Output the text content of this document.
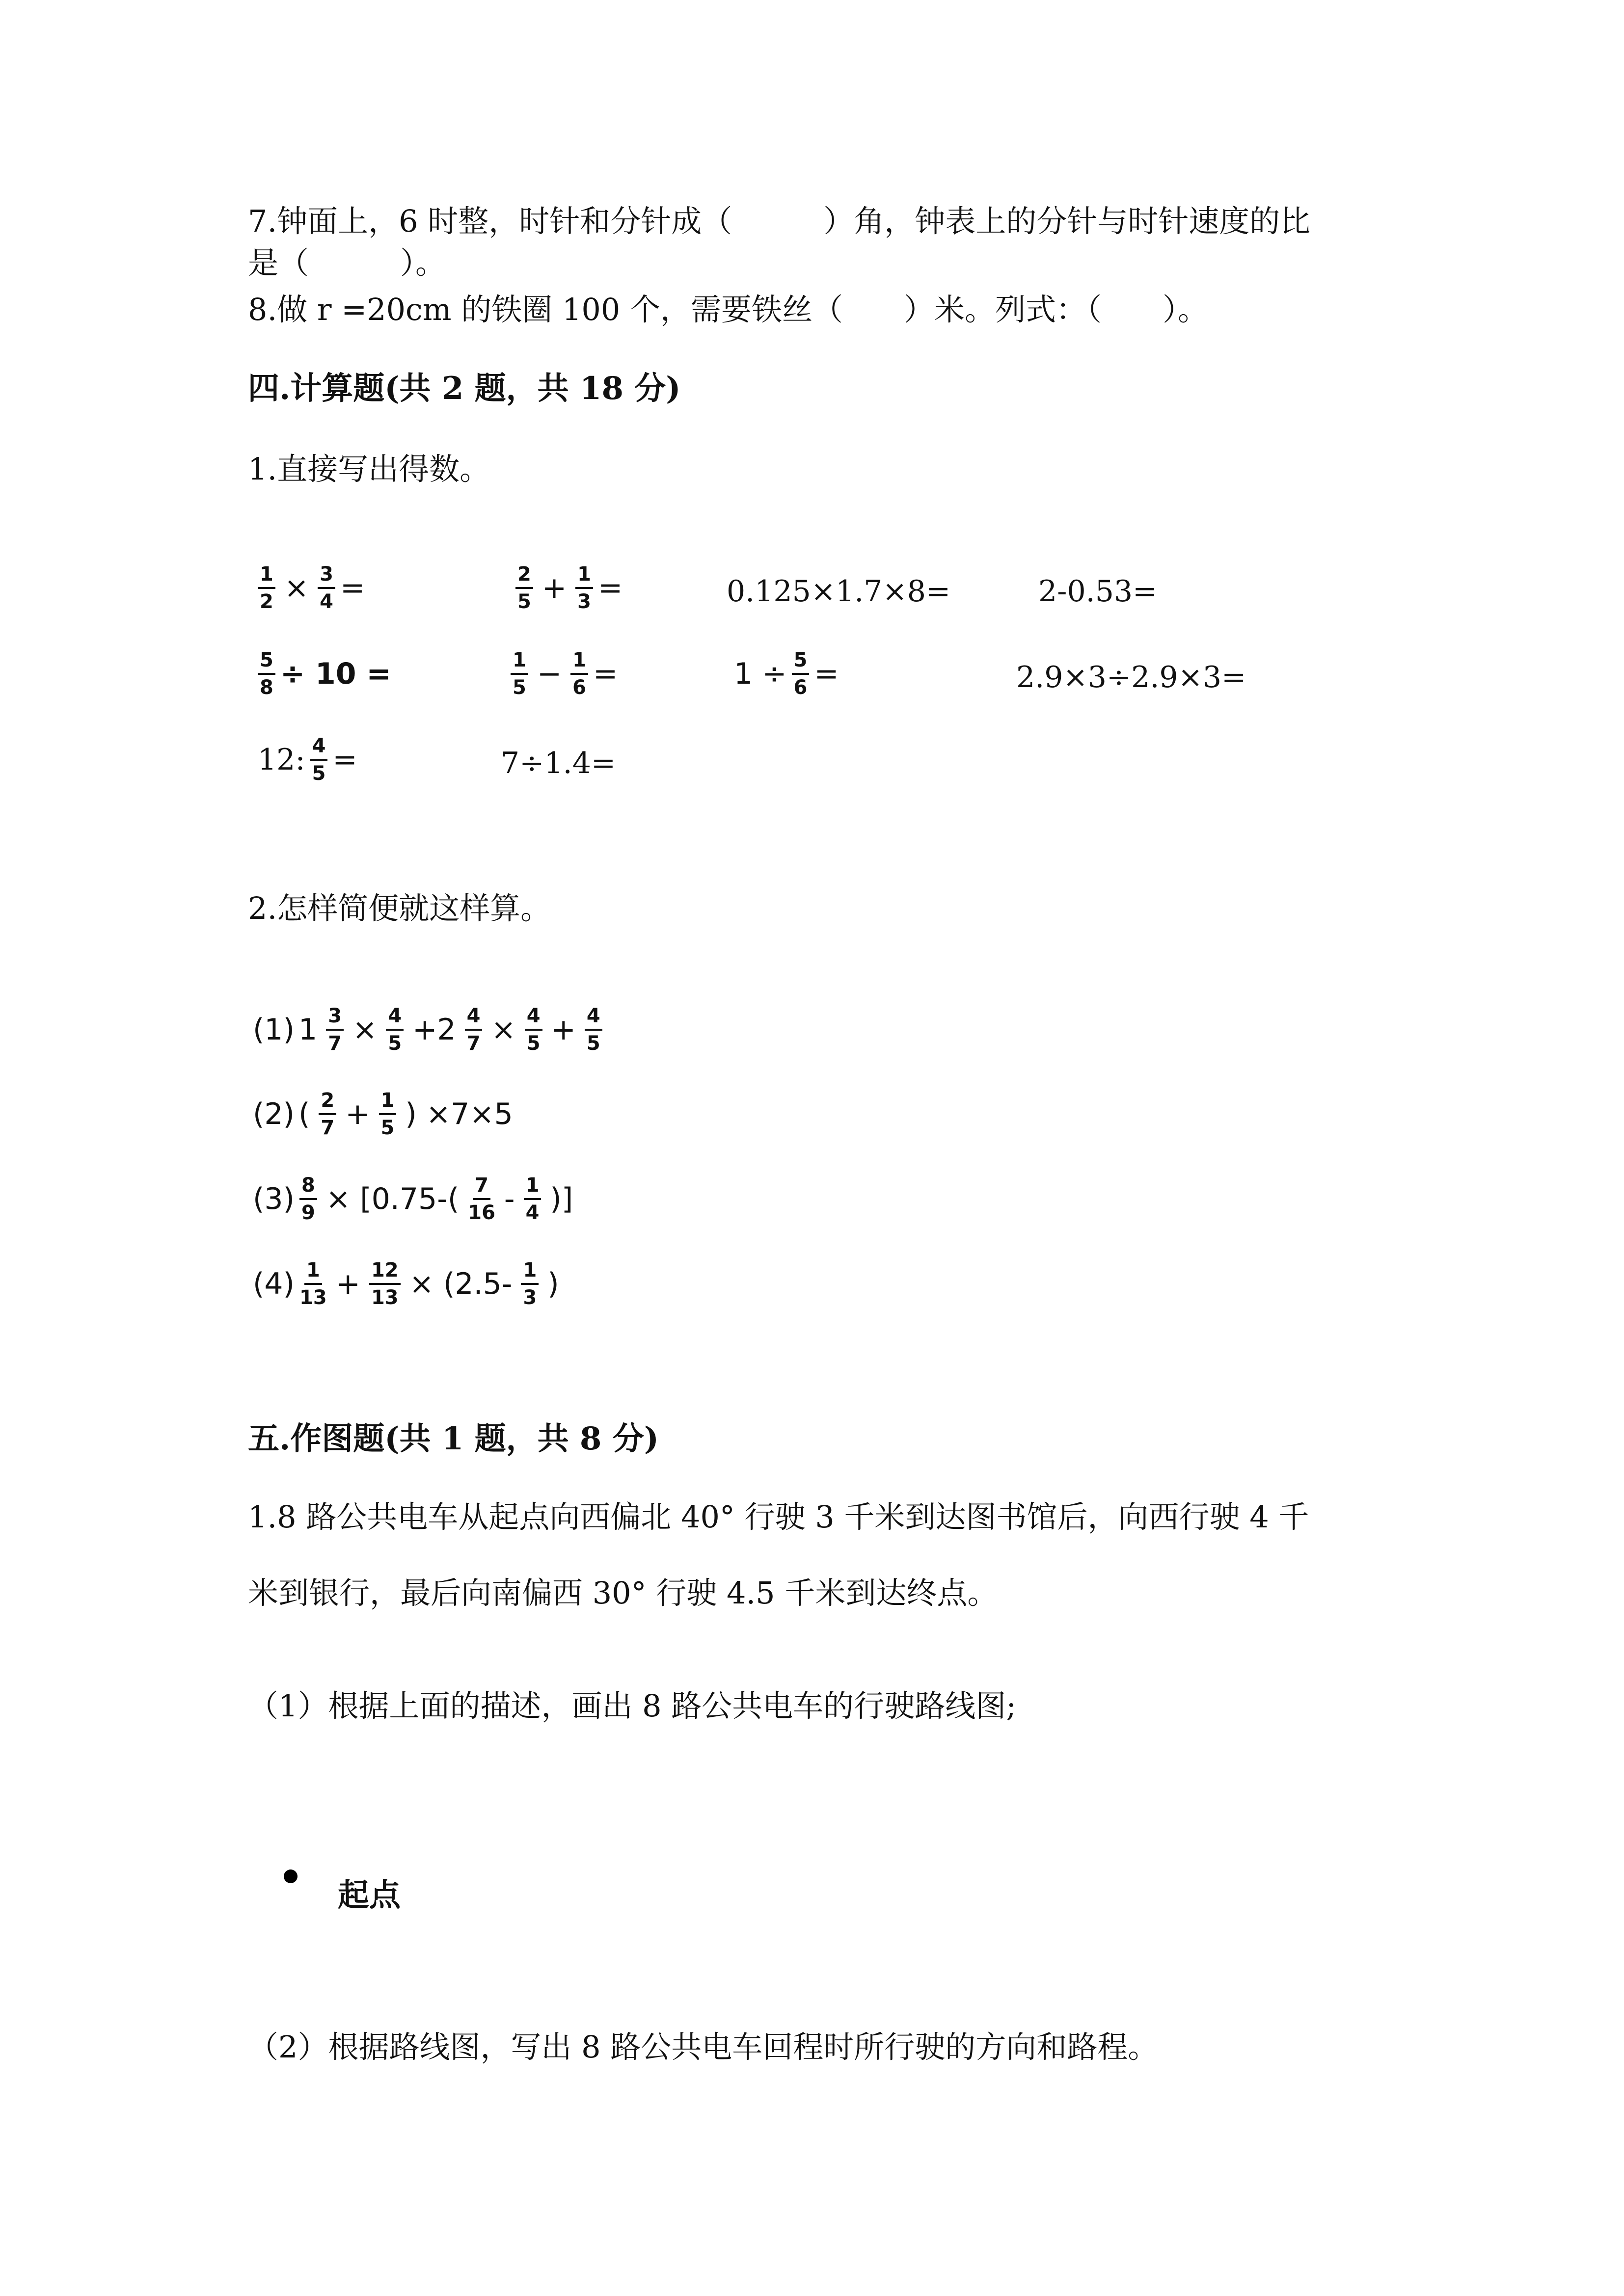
7.钟面上，6 时整，时针和分针成（　　　）角，钟表上的分针与时针速度的比
是（　　　）。
8.做 r =20cm 的铁圈 100 个，需要铁丝（　　）米。列式：（　　）。
四.计算题(共 2 题，共 18 分)
1.直接写出得数。
$\frac{1}{2} \times \frac{3}{4}$ =	$\frac{2}{5} + \frac{1}{3}$ =	0.125×1.7×8=	2-0.53=
$\frac{5}{8} \div 10$ =	$\frac{1}{5} - \frac{1}{6}$ =	$1 \div \frac{5}{6}$ =	2.9×3÷2.9×3=
12: $\frac{4}{5}$ =	7÷1.4=
2.怎样简便就这样算。
(1) $1 \frac{3}{7} \times \frac{4}{5} +2 \frac{4}{7} \times \frac{4}{5} + \frac{4}{5}$
(2) ( $\frac{2}{7} + \frac{1}{5}$ ) ×7×5
$(3) \frac{8}{9} \times [0.75-( \frac{7}{16} - \frac{1}{4}$ )]
$(4) \frac{1}{13} + \frac{12}{13} \times (2.5- \frac{1}{3}$ )
五.作图题(共 1 题，共 8 分)
1.8 路公共电车从起点向西偏北 40° 行驶 3 千米到达图书馆后，向西行驶 4 千
米到银行，最后向南偏西 30° 行驶 4.5 千米到达终点。
（1）根据上面的描述，画出 8 路公共电车的行驶路线图;
起点
（2）根据路线图，写出 8 路公共电车回程时所行驶的方向和路程。
